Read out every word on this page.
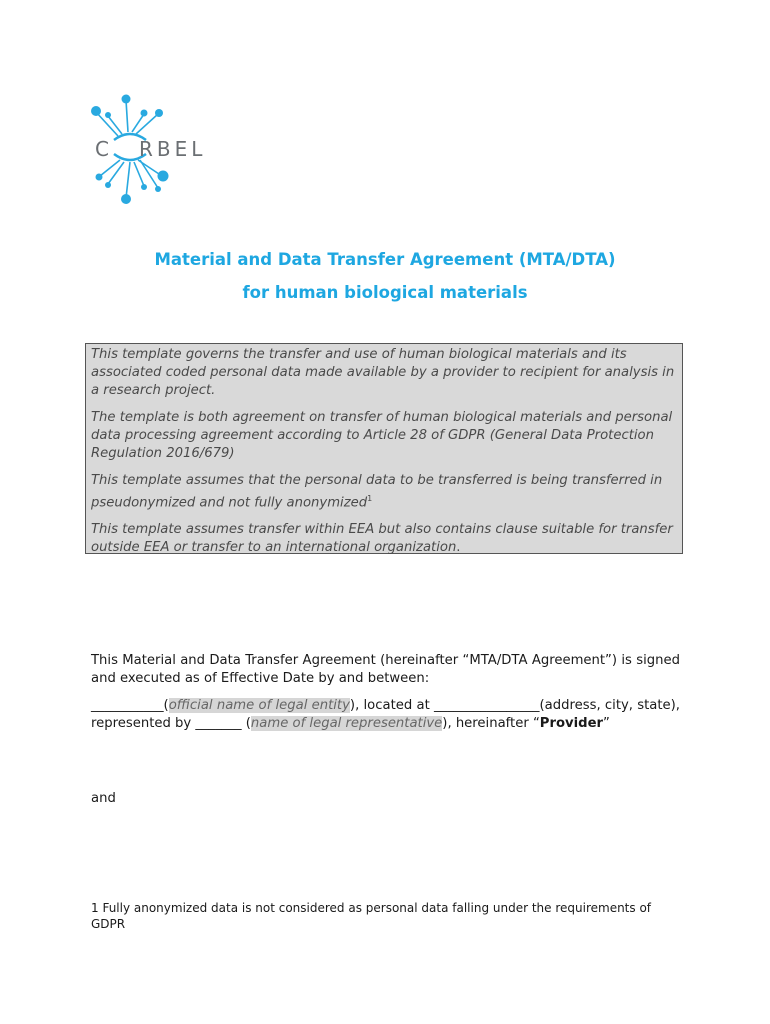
C RBEL
Material and Data Transfer Agreement (MTA/DTA)
for human biological materials

This template governs the transfer and use of human biological materials and its associated coded personal data made available by a provider to recipient for analysis in a research project.

The template is both agreement on transfer of human biological materials and personal data processing agreement according to Article 28 of GDPR (General Data Protection Regulation 2016/679)

This template assumes that the personal data to be transferred is being transferred in pseudonymized and not fully anonymized$^1$

This template assumes transfer within EEA but also contains clause suitable for transfer outside EEA or transfer to an international organization.

This Material and Data Transfer Agreement (hereinafter “MTA/DTA Agreement”) is signed and executed as of Effective Date by and between:
___________(official name of legal entity), located at ________________(address, city, state), represented by _______ (name of legal representative), hereinafter “Provider”
and
1 Fully anonymized data is not considered as personal data falling under the requirements of GDPR
